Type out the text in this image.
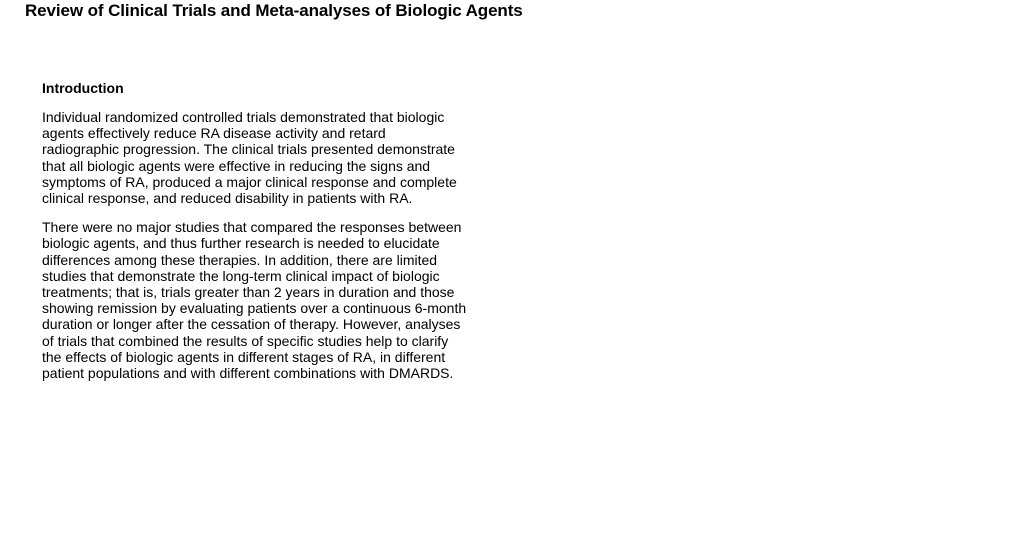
Review of Clinical Trials and Meta-analyses of Biologic Agents
Introduction

Individual randomized controlled trials demonstrated that biologic
agents effectively reduce RA disease activity and retard
radiographic progression. The clinical trials presented demonstrate
that all biologic agents were effective in reducing the signs and
symptoms of RA, produced a major clinical response and complete
clinical response, and reduced disability in patients with RA.

There were no major studies that compared the responses between
biologic agents, and thus further research is needed to elucidate
differences among these therapies. In addition, there are limited
studies that demonstrate the long-term clinical impact of biologic
treatments; that is, trials greater than 2 years in duration and those
showing remission by evaluating patients over a continuous 6-month
duration or longer after the cessation of therapy. However, analyses
of trials that combined the results of specific studies help to clarify
the effects of biologic agents in different stages of RA, in different
patient populations and with different combinations with DMARDS.
